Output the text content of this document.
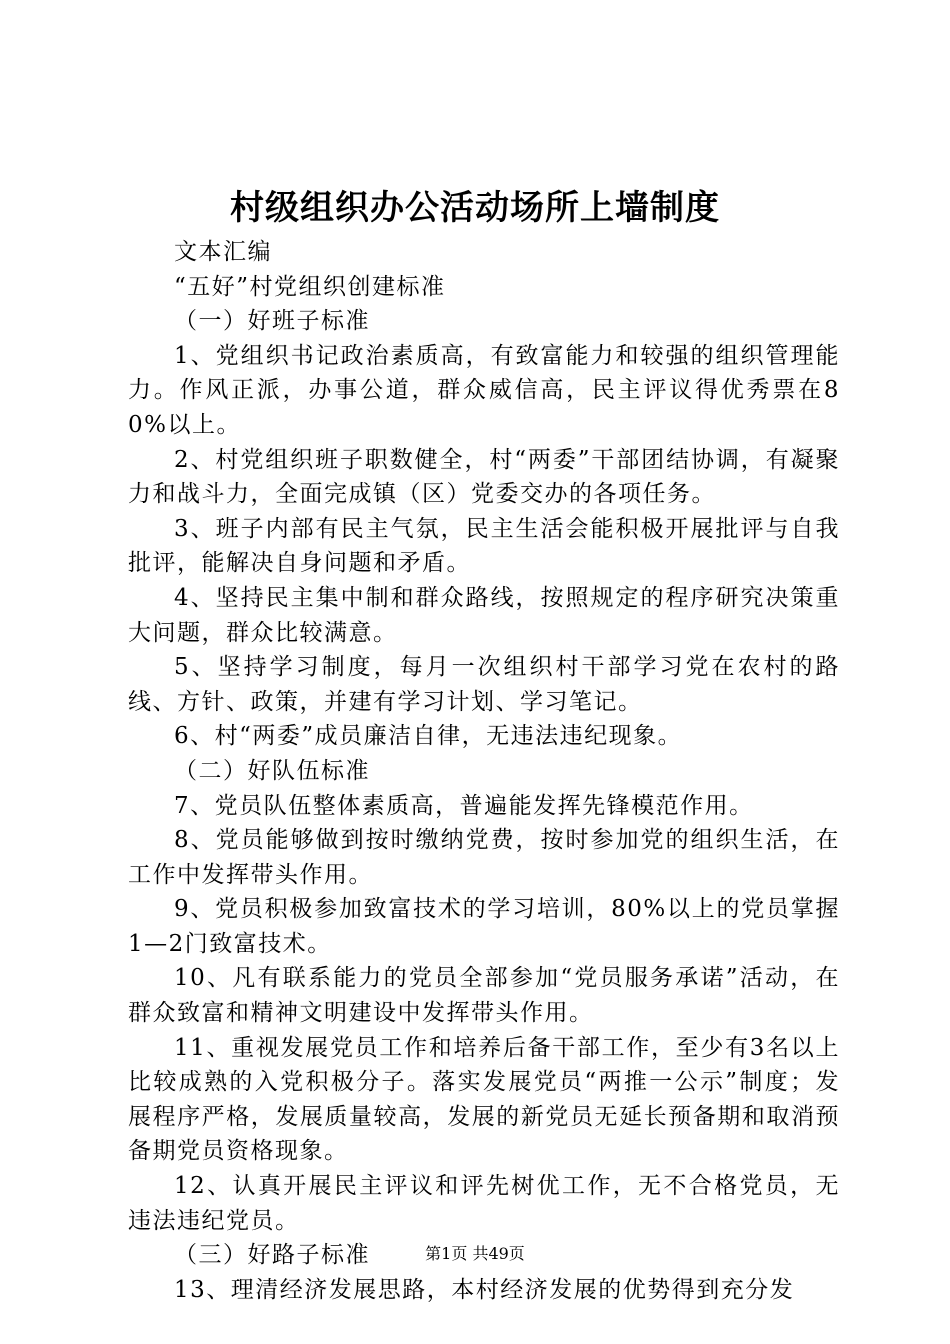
村级组织办公活动场所上墙制度

文本汇编

“五好”村党组织创建标准

（一）好班子标准

1、党组织书记政治素质高，有致富能力和较强的组织管理能力。作风正派，办事公道，群众威信高，民主评议得优秀票在80%以上。

2、村党组织班子职数健全，村“两委”干部团结协调，有凝聚力和战斗力，全面完成镇（区）党委交办的各项任务。

3、班子内部有民主气氛，民主生活会能积极开展批评与自我批评，能解决自身问题和矛盾。

4、坚持民主集中制和群众路线，按照规定的程序研究决策重大问题，群众比较满意。

5、坚持学习制度，每月一次组织村干部学习党在农村的路线、方针、政策，并建有学习计划、学习笔记。

6、村“两委”成员廉洁自律，无违法违纪现象。

（二）好队伍标准

7、党员队伍整体素质高，普遍能发挥先锋模范作用。

8、党员能够做到按时缴纳党费，按时参加党的组织生活，在工作中发挥带头作用。

9、党员积极参加致富技术的学习培训，80%以上的党员掌握1—2门致富技术。

10、凡有联系能力的党员全部参加“党员服务承诺”活动，在群众致富和精神文明建设中发挥带头作用。

11、重视发展党员工作和培养后备干部工作，至少有3名以上比较成熟的入党积极分子。落实发展党员“两推一公示”制度；发展程序严格，发展质量较高，发展的新党员无延长预备期和取消预备期党员资格现象。

12、认真开展民主评议和评先树优工作，无不合格党员，无违法违纪党员。

（三）好路子标准

13、理清经济发展思路，本村经济发展的优势得到充分发

第1页 共49页
